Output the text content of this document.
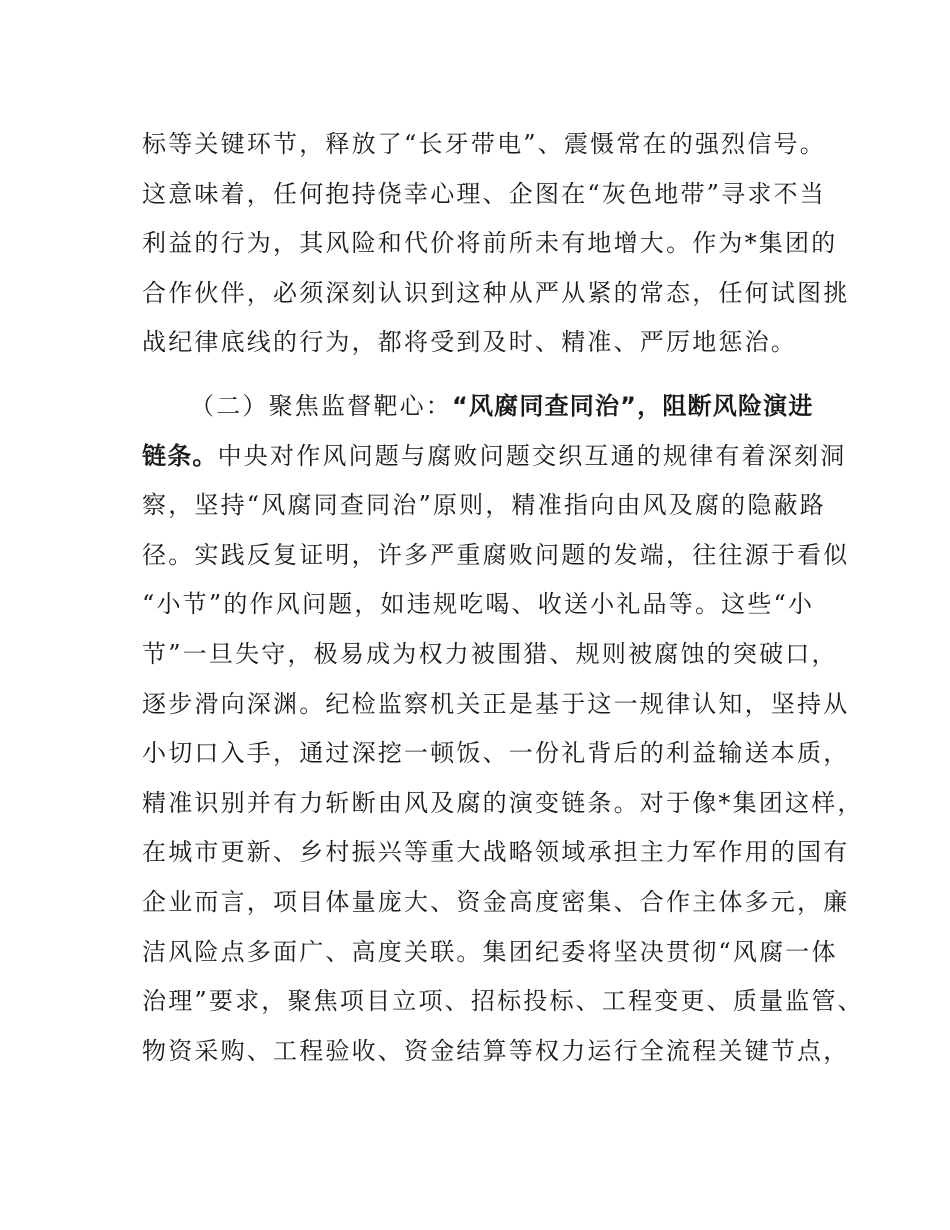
标等关键环节，释放了“长牙带电”、震慑常在的强烈信号。
这意味着，任何抱持侥幸心理、企图在“灰色地带”寻求不当
利益的行为，其风险和代价将前所未有地增大。作为*集团的
合作伙伴，必须深刻认识到这种从严从紧的常态，任何试图挑
战纪律底线的行为，都将受到及时、精准、严厉地惩治。
（二）聚焦监督靶心：“风腐同查同治”，阻断风险演进
链条。中央对作风问题与腐败问题交织互通的规律有着深刻洞
察，坚持“风腐同查同治”原则，精准指向由风及腐的隐蔽路
径。实践反复证明，许多严重腐败问题的发端，往往源于看似
“小节”的作风问题，如违规吃喝、收送小礼品等。这些“小
节”一旦失守，极易成为权力被围猎、规则被腐蚀的突破口，
逐步滑向深渊。纪检监察机关正是基于这一规律认知，坚持从
小切口入手，通过深挖一顿饭、一份礼背后的利益输送本质，
精准识别并有力斩断由风及腐的演变链条。对于像*集团这样，
在城市更新、乡村振兴等重大战略领域承担主力军作用的国有
企业而言，项目体量庞大、资金高度密集、合作主体多元，廉
洁风险点多面广、高度关联。集团纪委将坚决贯彻“风腐一体
治理”要求，聚焦项目立项、招标投标、工程变更、质量监管、
物资采购、工程验收、资金结算等权力运行全流程关键节点，
